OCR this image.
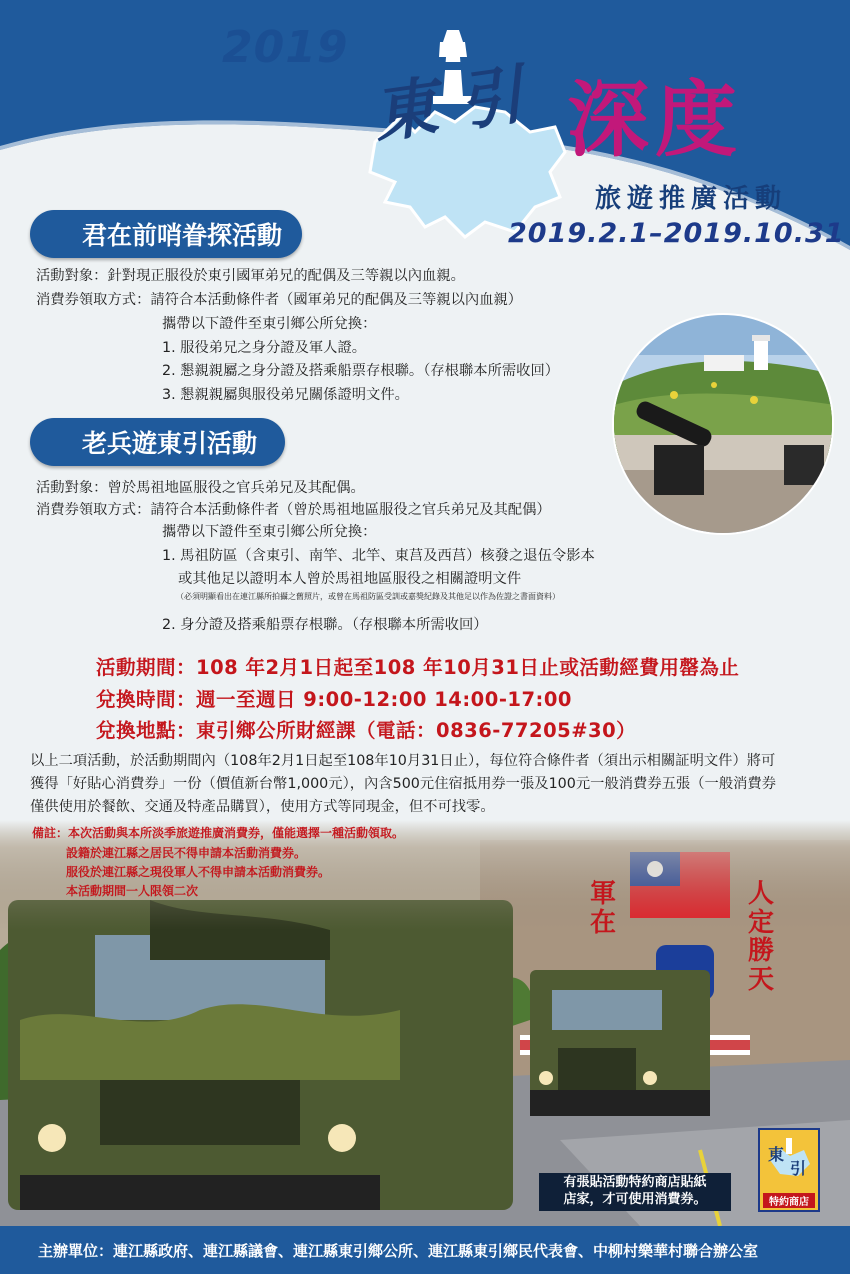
2019
東引 深度
旅遊推廣活動
2019.2.1–2019.10.31
君在前哨眷探活動
活動對象：針對現正服役於東引國軍弟兄的配偶及三等親以內血親。
消費券領取方式：請符合本活動條件者（國軍弟兄的配偶及三等親以內血親）
攜帶以下證件至東引鄉公所兌換：
1. 服役弟兄之身分證及軍人證。
2. 懇親親屬之身分證及搭乘船票存根聯。（存根聯本所需收回）
3. 懇親親屬與服役弟兄關係證明文件。
老兵遊東引活動
活動對象：曾於馬祖地區服役之官兵弟兄及其配偶。
消費券領取方式：請符合本活動條件者（曾於馬祖地區服役之官兵弟兄及其配偶）
攜帶以下證件至東引鄉公所兌換：
1. 馬祖防區（含東引、南竿、北竿、東莒及西莒）核發之退伍令影本
或其他足以證明本人曾於馬祖地區服役之相關證明文件
（必須明顯看出在連江縣所拍攝之舊照片，或曾在馬祖防區受訓或嘉獎紀錄及其他足以作為佐證之書面資料）
2. 身分證及搭乘船票存根聯。（存根聯本所需收回）
活動期間：108 年2月1日起至108 年10月31日止或活動經費用罄為止
兌換時間：週一至週日 9:00-12:00 14:00-17:00
兌換地點：東引鄉公所財經課（電話：0836-77205#30）
以上二項活動，於活動期間內（108年2月1日起至108年10月31日止），每位符合條件者（須出示相關証明文件）將可
獲得「好貼心消費券」一份（價值新台幣1,000元），內含500元住宿抵用券一張及100元一般消費券五張（一般消費券
僅供使用於餐飲、交通及特產品購買），使用方式等同現金，但不可找零。
軍在
人定勝天
備註：本次活動與本所淡季旅遊推廣消費券，僅能選擇一種活動領取。
設籍於連江縣之居民不得申請本活動消費券。
服役於連江縣之現役軍人不得申請本活動消費券。
本活動期間一人限領二次
有張貼活動特約商店貼紙
店家，才可使用消費券。
東
引
特約商店
主辦單位：連江縣政府、連江縣議會、連江縣東引鄉公所、連江縣東引鄉民代表會、中柳村樂華村聯合辦公室
